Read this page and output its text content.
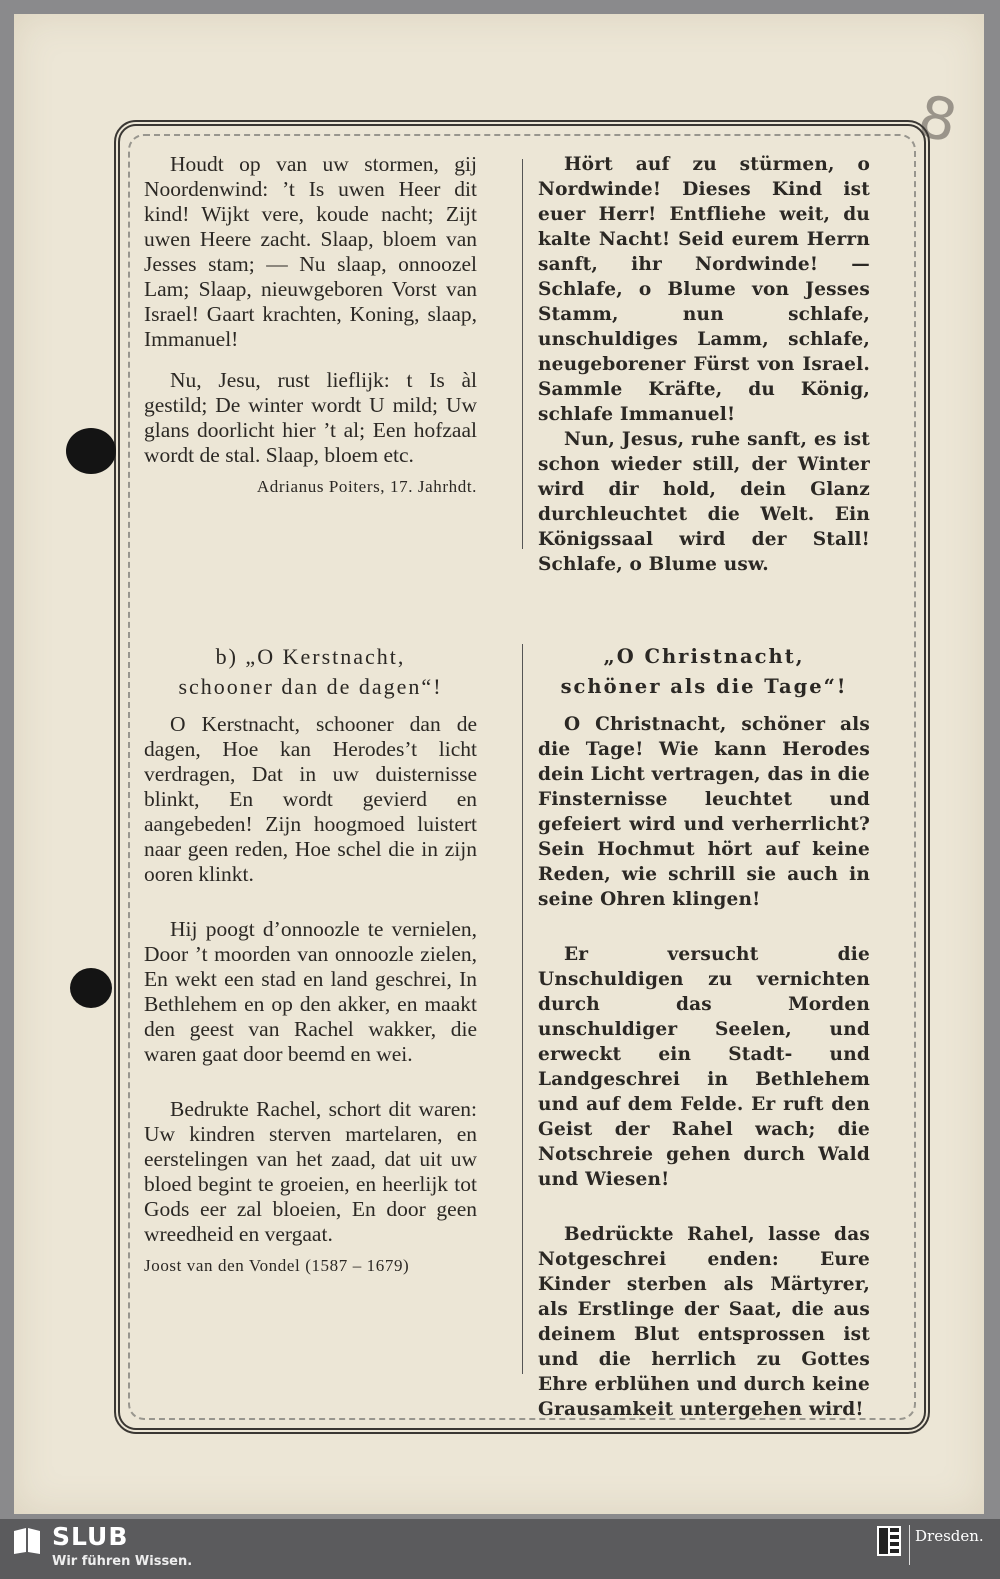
8

Houdt op van uw stormen, gij Noordenwind: ’t Is uwen Heer dit kind! Wijkt vere, koude nacht; Zijt uwen Heere zacht. Slaap, bloem van Jesses stam; — Nu slaap, onnoozel Lam; Slaap, nieuwgeboren Vorst van Israel! Gaart krachten, Koning, slaap, Immanuel!

Nu, Jesu, rust lieflijk: t Is àl gestild; De winter wordt U mild; Uw glans doorlicht hier ’t al; Een hofzaal wordt de stal. Slaap, bloem etc.

Adrianus Poiters, 17. Jahrhdt.

Hört auf zu stürmen, o Nordwinde! Dieses Kind ist euer Herr! Entfliehe weit, du kalte Nacht! Seid eurem Herrn sanft, ihr Nordwinde! — Schlafe, o Blume von Jesses Stamm, nun schlafe, unschuldiges Lamm, schlafe, neugeborener Fürst von Israel. Sammle Kräfte, du König, schlafe Immanuel!

Nun, Jesus, ruhe sanft, es ist schon wieder still, der Winter wird dir hold, dein Glanz durchleuchtet die Welt. Ein Königssaal wird der Stall! Schlafe, o Blume usw.

b) „O Kerstnacht,

schooner dan de dagen“!

O Kerstnacht, schooner dan de dagen, Hoe kan Herodes’t licht verdragen, Dat in uw duisternisse blinkt, En wordt gevierd en aangebeden! Zijn hoogmoed luistert naar geen reden, Hoe schel die in zijn ooren klinkt.

Hij poogt d’onnoozle te vernielen, Door ’t moorden van onnoozle zielen, En wekt een stad en land geschrei, In Bethlehem en op den akker, en maakt den geest van Rachel wakker, die waren gaat door beemd en wei.

Bedrukte Rachel, schort dit waren: Uw kindren sterven martelaren, en eerstelingen van het zaad, dat uit uw bloed begint te groeien, en heerlijk tot Gods eer zal bloeien, En door geen wreedheid en vergaat.

Joost van den Vondel (1587 – 1679)

„O Christnacht,

schöner als die Tage“!

O Christnacht, schöner als die Tage! Wie kann Herodes dein Licht vertragen, das in die Finsternisse leuchtet und gefeiert wird und verherrlicht? Sein Hochmut hört auf keine Reden, wie schrill sie auch in seine Ohren klingen!

Er versucht die Unschuldigen zu vernichten durch das Morden unschuldiger Seelen, und erweckt ein Stadt- und Landgeschrei in Bethlehem und auf dem Felde. Er ruft den Geist der Rahel wach; die Notschreie gehen durch Wald und Wiesen!

Bedrückte Rahel, lasse das Notgeschrei enden: Eure Kinder sterben als Märtyrer, als Erstlinge der Saat, die aus deinem Blut entsprossen ist und die herrlich zu Gottes Ehre erblühen und durch keine Grausamkeit untergehen wird!

SLUB
Wir führen Wissen.
Dresden.
